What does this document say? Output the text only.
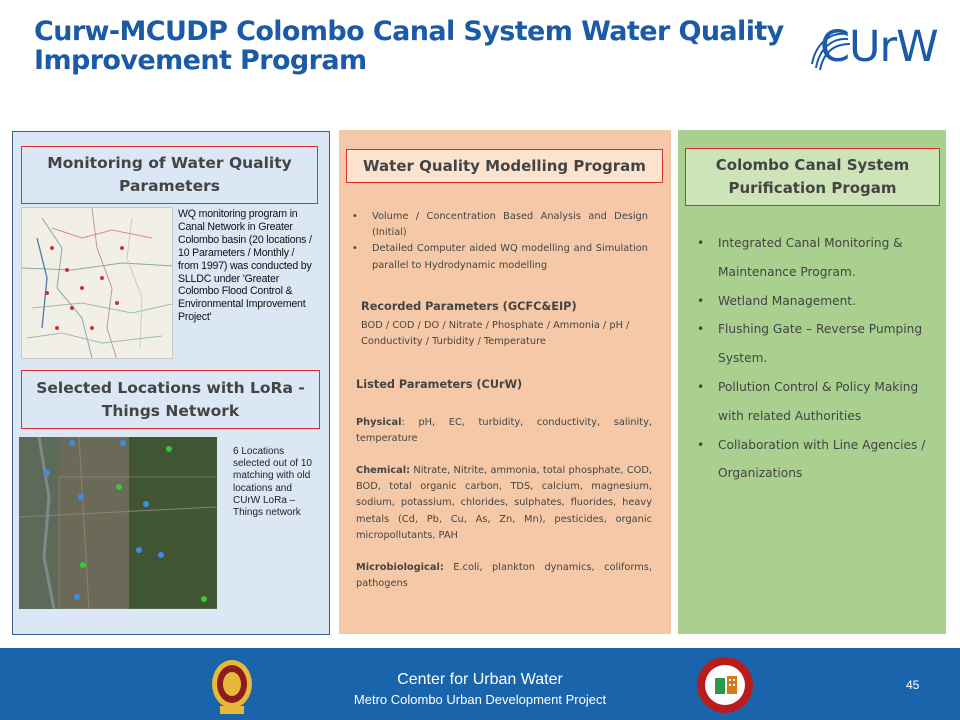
Curw-MCUDP Colombo Canal System Water Quality Improvement Program	CUrW
Monitoring of Water Quality Parameters
WQ monitoring program in Canal Network in Greater Colombo basin (20 locations / 10 Parameters / Monthly / from 1997) was conducted by SLLDC under 'Greater Colombo Flood Control & Environmental Improvement Project'
Selected Locations with LoRa - Things Network
6 Locations selected out of 10 matching with old locations and CUrW LoRa – Things network
Water Quality Modelling Program
• Volume / Concentration Based Analysis and Design (Initial)
• Detailed Computer aided WQ modelling and Simulation parallel to Hydrodynamic modelling
Recorded Parameters (GCFC&EIP)
BOD / COD / DO / Nitrate / Phosphate / Ammonia / pH / Conductivity / Turbidity / Temperature
Listed Parameters (CUrW)
Physical: pH, EC, turbidity, conductivity, salinity, temperature
Chemical: Nitrate, Nitrite, ammonia, total phosphate, COD, BOD, total organic carbon, TDS, calcium, magnesium, sodium, potassium, chlorides, sulphates, fluorides, heavy metals (Cd, Pb, Cu, As, Zn, Mn), pesticides, organic micropollutants, PAH
Microbiological: E.coli, plankton dynamics, coliforms, pathogens
Colombo Canal System Purification Progam
• Integrated Canal Monitoring & Maintenance Program.
• Wetland Management.
• Flushing Gate – Reverse Pumping System.
• Pollution Control & Policy Making with related Authorities
• Collaboration with Line Agencies / Organizations
Center for Urban Water
Metro Colombo Urban Development Project
45
